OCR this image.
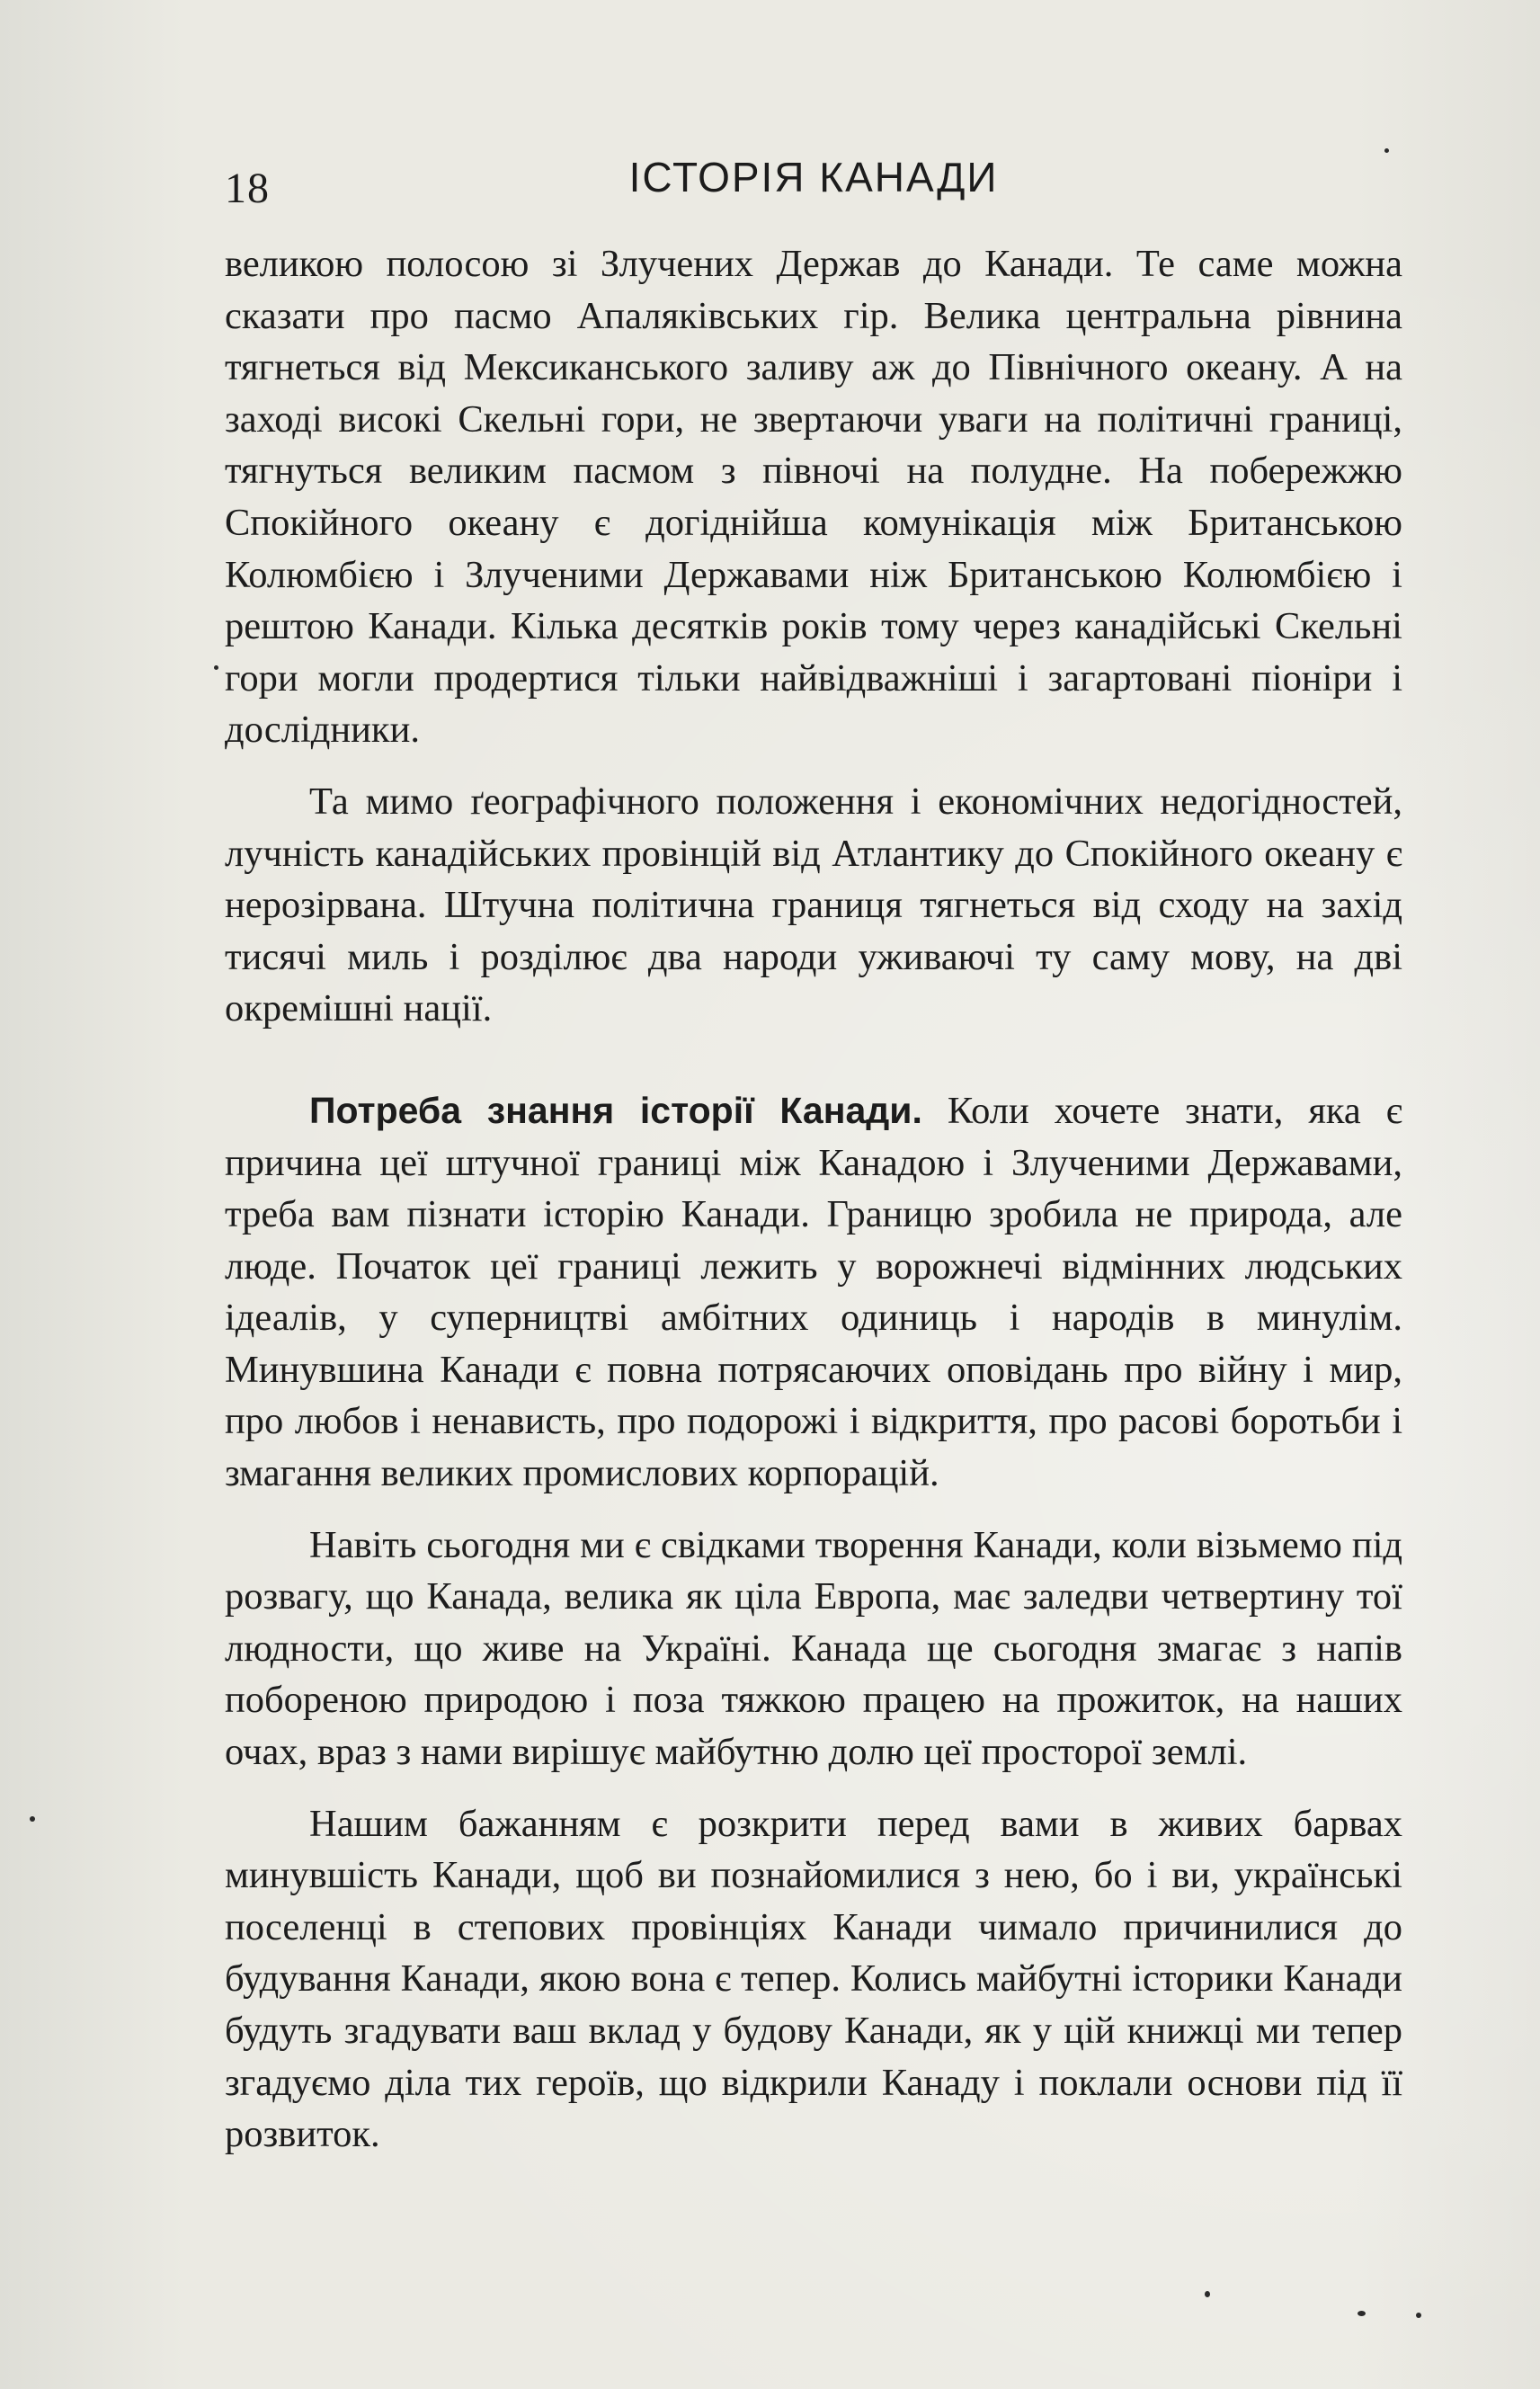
18	ІСТОРІЯ КАНАДИ

великою полосою зі Злучених Держав до Канади. Те саме можна сказати про пасмо Апаляківських гір. Велика центральна рівнина тягнеться від Мексиканського заливу аж до Північного океану. А на заході високі Скельні гори, не звертаючи уваги на політичні границі, тягнуться великим пасмом з півночі на полудне. На побережжю Спокійного океану є догіднійша комунікація між Британською Колюмбією і Злученими Державами ніж Британською Колюмбією і рештою Канади. Кілька десятків років тому через канадійські Скельні гори могли продертися тільки найвідважніші і загартовані піоніри і дослідники.

Та мимо ґеографічного положення і економічних недогідностей, лучність канадійських провінцій від Атлантику до Спокійного океану є нерозірвана. Штучна політична границя тягнеться від сходу на захід тисячі миль і розділює два народи уживаючі ту саму мову, на дві окремішні нації.

Потреба знання історії Канади. Коли хочете знати, яка є причина цеї штучної границі між Канадою і Злученими Державами, треба вам пізнати історію Канади. Границю зробила не природа, але люде. Початок цеї границі лежить у ворожнечі відмінних людських ідеалів, у суперництві амбітних одиниць і народів в минулім. Минувшина Канади є повна потрясаючих оповідань про війну і мир, про любов і ненависть, про подорожі і відкриття, про расові боротьби і змагання великих промислових корпорацій.

Навіть сьогодня ми є свідками творення Канади, коли візьмемо під розвагу, що Канада, велика як ціла Европа, має заледви четвертину тої людности, що живе на Україні. Канада ще сьогодня змагає з напів побореною природою і поза тяжкою працею на прожиток, на наших очах, враз з нами вирішує майбутню долю цеї просторої землі.

Нашим бажанням є розкрити перед вами в живих барвах минувшість Канади, щоб ви познайомилися з нею, бо і ви, українські поселенці в степових провінціях Канади чимало причинилися до будування Канади, якою вона є тепер. Колись майбутні історики Канади будуть згадувати ваш вклад у будову Канади, як у цій книжці ми тепер згадуємо діла тих героїв, що відкрили Канаду і поклали основи під її розвиток.
